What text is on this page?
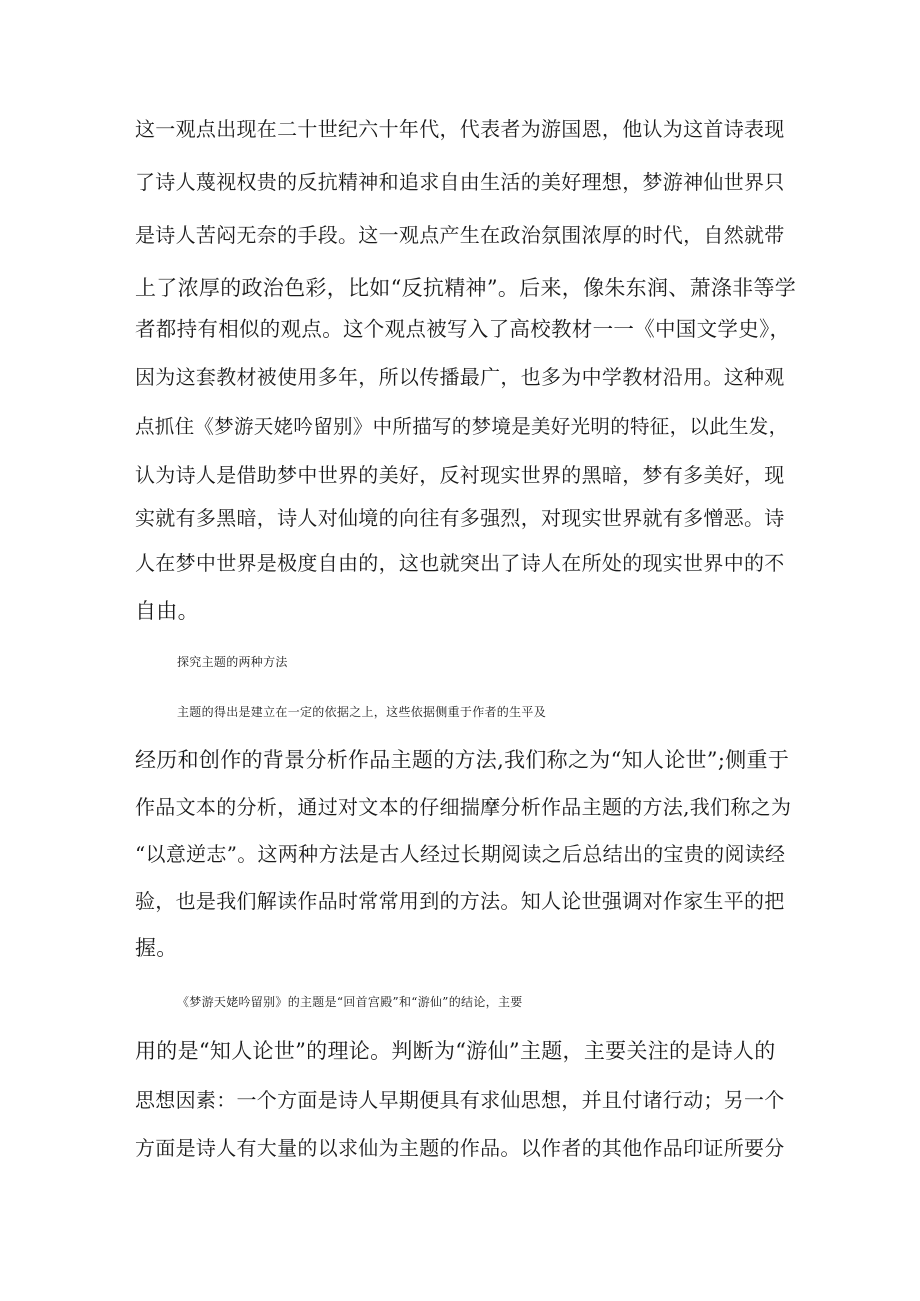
这一观点出现在二十世纪六十年代，代表者为游国恩，他认为这首诗表现
了诗人蔑视权贵的反抗精神和追求自由生活的美好理想，梦游神仙世界只
是诗人苦闷无奈的手段。这一观点产生在政治氛围浓厚的时代，自然就带
上了浓厚的政治色彩，比如“反抗精神”。后来，像朱东润、萧涤非等学
者都持有相似的观点。这个观点被写入了高校教材一一《中国文学史》，
因为这套教材被使用多年，所以传播最广，也多为中学教材沿用。这种观
点抓住《梦游天姥吟留别》中所描写的梦境是美好光明的特征，以此生发，
认为诗人是借助梦中世界的美好，反衬现实世界的黑暗，梦有多美好，现
实就有多黑暗，诗人对仙境的向往有多强烈，对现实世界就有多憎恶。诗
人在梦中世界是极度自由的，这也就突出了诗人在所处的现实世界中的不
自由。
探究主题的两种方法
主题的得出是建立在一定的依据之上，这些依据侧重于作者的生平及
经历和创作的背景分析作品主题的方法,我们称之为“知人论世”;侧重于
作品文本的分析，通过对文本的仔细揣摩分析作品主题的方法,我们称之为
“以意逆志”。这两种方法是古人经过长期阅读之后总结出的宝贵的阅读经
验，也是我们解读作品时常常用到的方法。知人论世强调对作家生平的把
握。
《梦游天姥吟留别》的主题是“回首宫殿”和“游仙”的结论，主要
用的是“知人论世”的理论。判断为“游仙”主题，主要关注的是诗人的
思想因素：一个方面是诗人早期便具有求仙思想，并且付诸行动；另一个
方面是诗人有大量的以求仙为主题的作品。以作者的其他作品印证所要分
